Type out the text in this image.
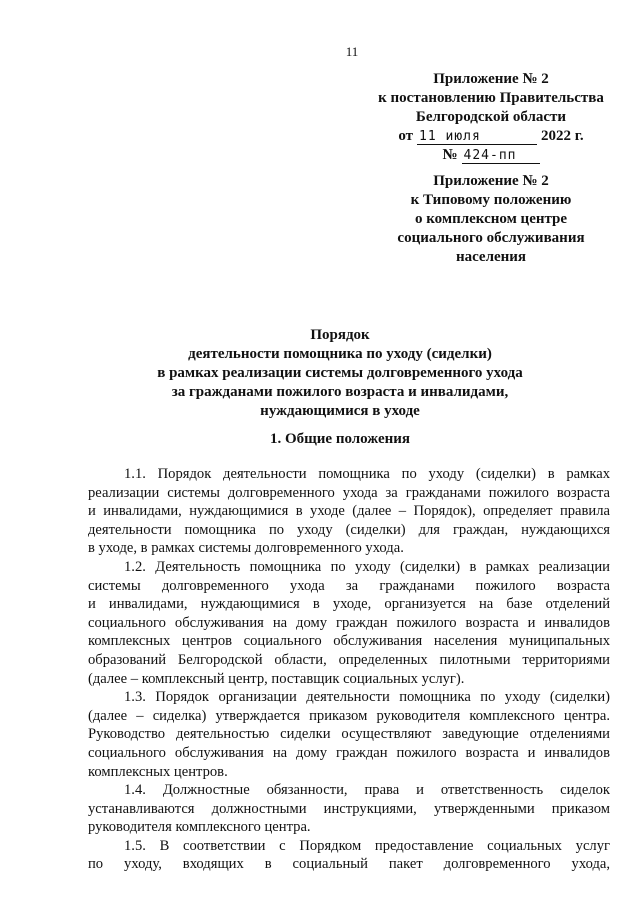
11
Приложение № 2
к постановлению Правительства
Белгородской области
от 11 июля	2022 г.
№ 424-пп
Приложение № 2
к Типовому положению
о комплексном центре
социального обслуживания
населения
Порядок
деятельности помощника по уходу (сиделки)
в рамках реализации системы долговременного ухода
за гражданами пожилого возраста и инвалидами,
нуждающимися в уходе
1. Общие положения

1.1. Порядок деятельности помощника по уходу (сиделки) в рамках
реализации системы долговременного ухода за гражданами пожилого возраста
и инвалидами, нуждающимися в уходе (далее – Порядок), определяет правила
деятельности помощника по уходу (сиделки) для граждан, нуждающихся
в уходе, в рамках системы долговременного ухода.

1.2. Деятельность помощника по уходу (сиделки) в рамках реализации
системы долговременного ухода за гражданами пожилого возраста
и инвалидами, нуждающимися в уходе, организуется на базе отделений
социального обслуживания на дому граждан пожилого возраста и инвалидов
комплексных центров социального обслуживания населения муниципальных
образований Белгородской области, определенных пилотными территориями
(далее – комплексный центр, поставщик социальных услуг).

1.3. Порядок организации деятельности помощника по уходу (сиделки)
(далее – сиделка) утверждается приказом руководителя комплексного центра.
Руководство деятельностью сиделки осуществляют заведующие отделениями
социального обслуживания на дому граждан пожилого возраста и инвалидов
комплексных центров.

1.4. Должностные обязанности, права и ответственность сиделок
устанавливаются должностными инструкциями, утвержденными приказом
руководителя комплексного центра.

1.5. В соответствии с Порядком предоставление социальных услуг
по уходу, входящих в социальный пакет долговременного ухода,
